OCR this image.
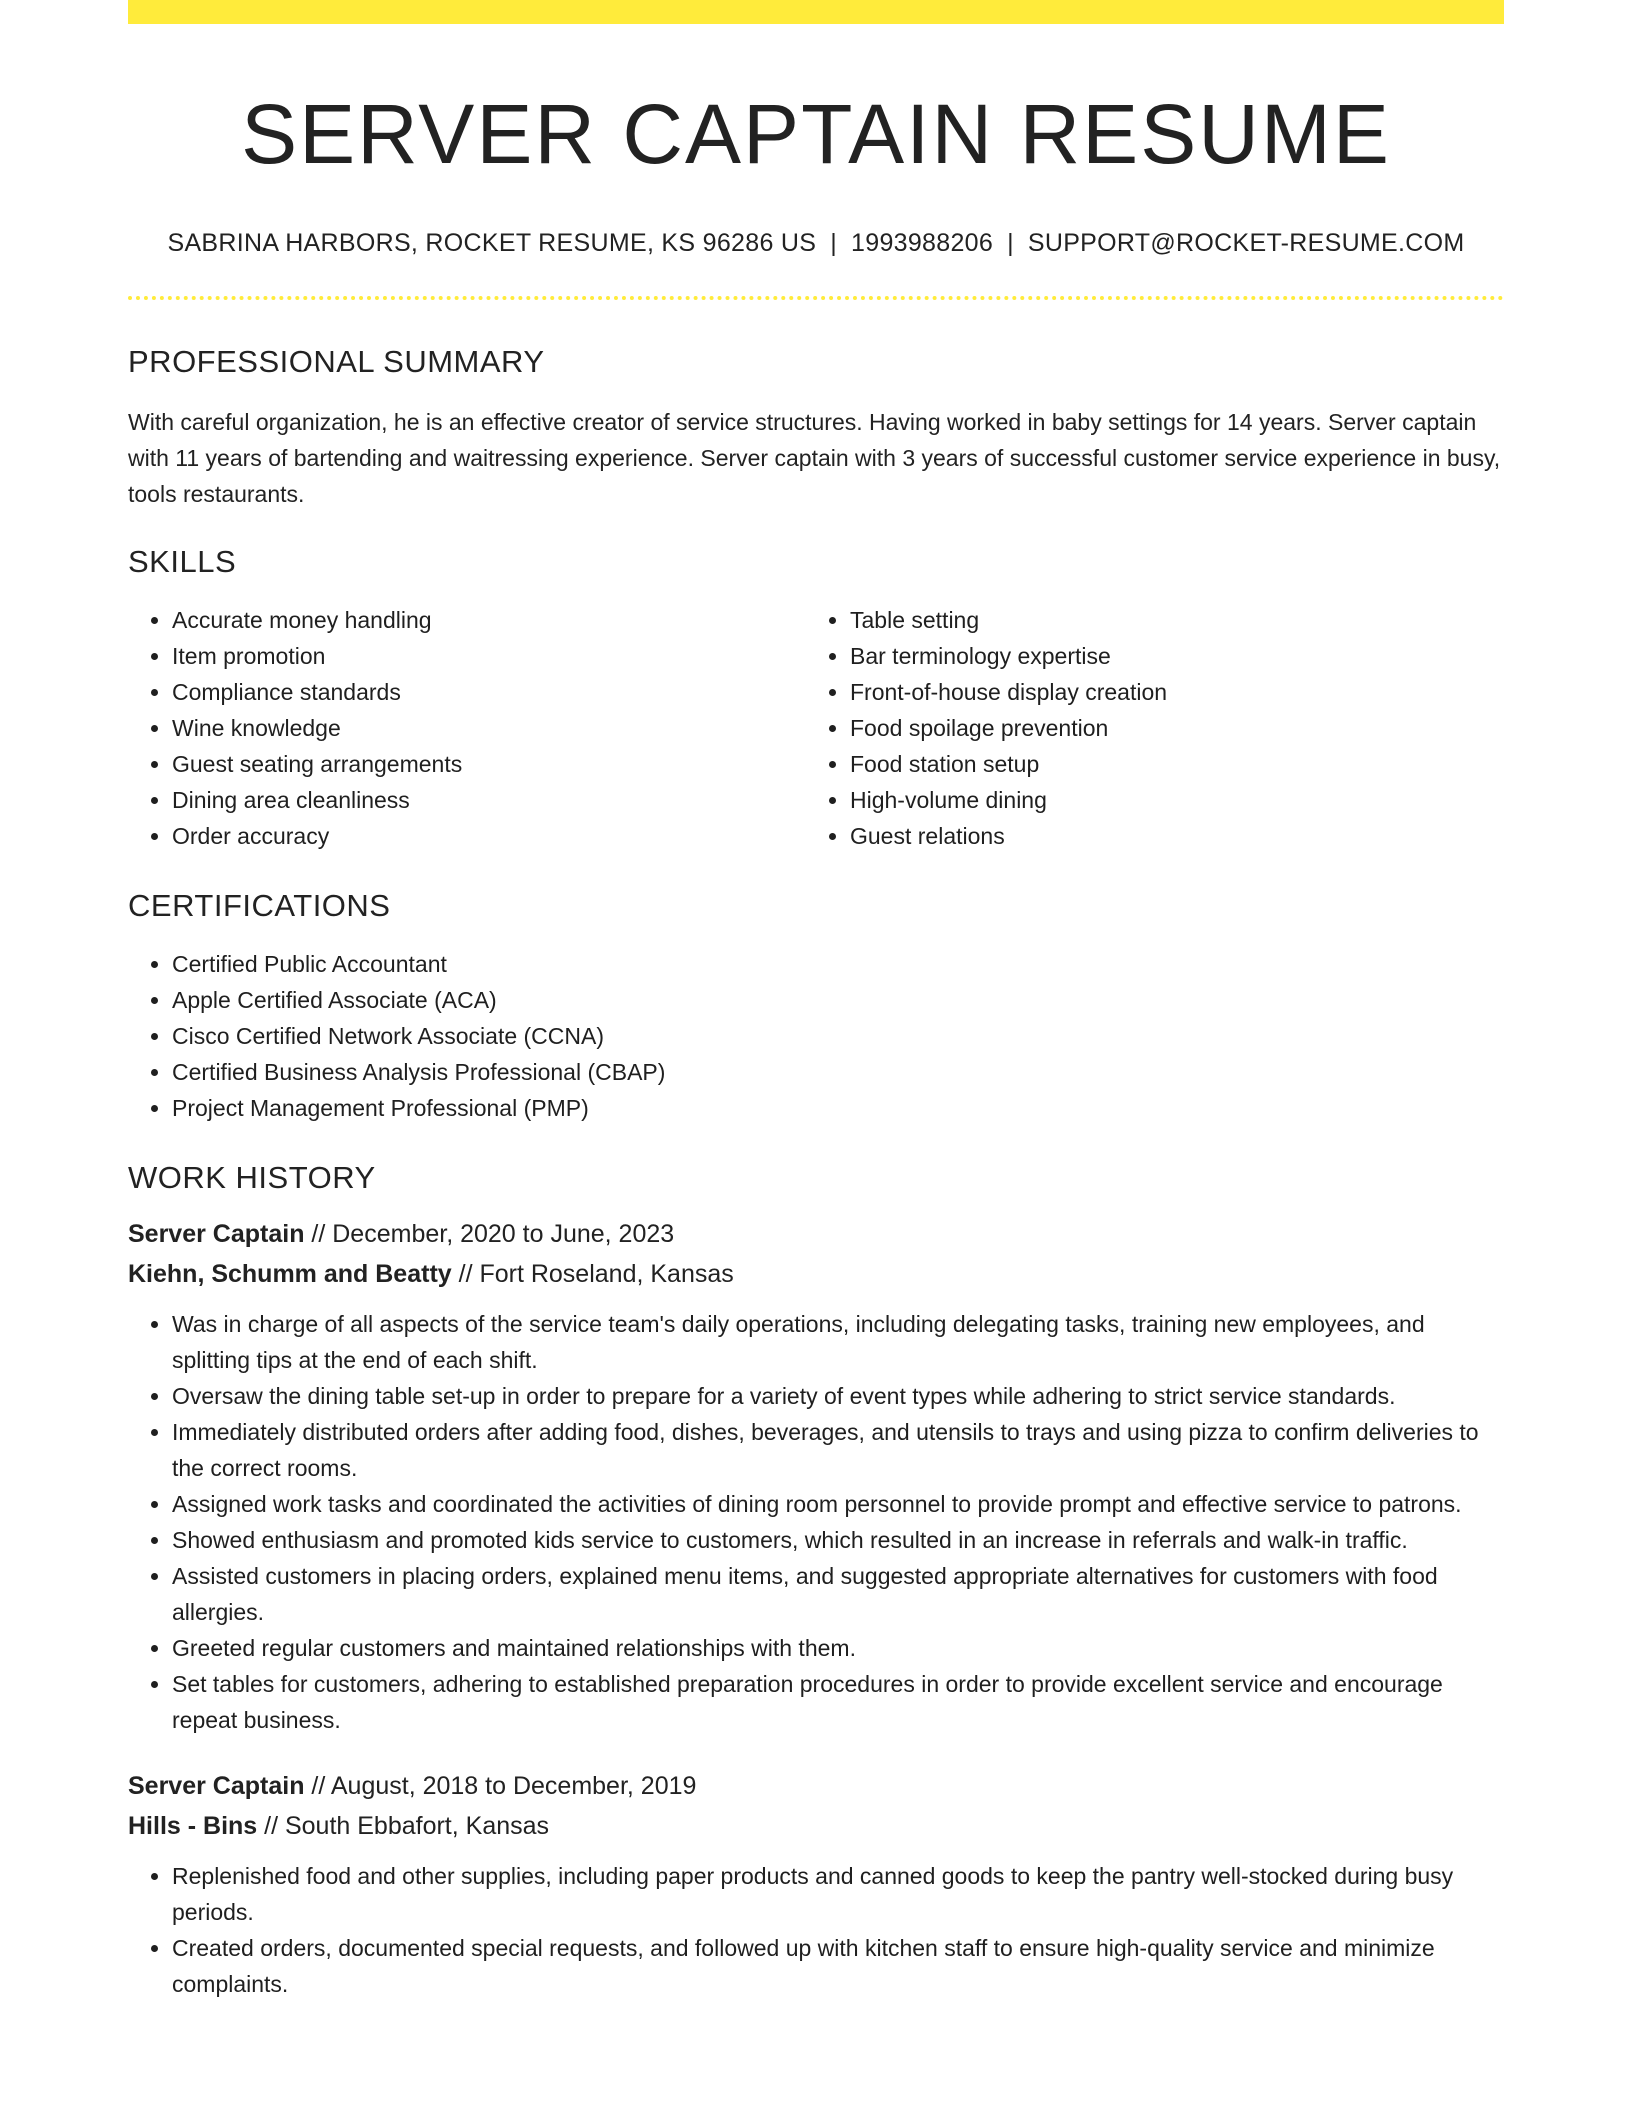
SERVER CAPTAIN RESUME
SABRINA HARBORS, ROCKET RESUME, KS 96286 US | 1993988206 | SUPPORT@ROCKET-RESUME.COM
PROFESSIONAL SUMMARY
With careful organization, he is an effective creator of service structures. Having worked in baby settings for 14 years. Server captain with 11 years of bartending and waitressing experience. Server captain with 3 years of successful customer service experience in busy, tools restaurants.
SKILLS
• Accurate money handling
• Item promotion
• Compliance standards
• Wine knowledge
• Guest seating arrangements
• Dining area cleanliness
• Order accuracy
• Table setting
• Bar terminology expertise
• Front-of-house display creation
• Food spoilage prevention
• Food station setup
• High-volume dining
• Guest relations
CERTIFICATIONS
• Certified Public Accountant
• Apple Certified Associate (ACA)
• Cisco Certified Network Associate (CCNA)
• Certified Business Analysis Professional (CBAP)
• Project Management Professional (PMP)
WORK HISTORY
Server Captain // December, 2020 to June, 2023
Kiehn, Schumm and Beatty // Fort Roseland, Kansas
• Was in charge of all aspects of the service team's daily operations, including delegating tasks, training new employees, and splitting tips at the end of each shift.
• Oversaw the dining table set-up in order to prepare for a variety of event types while adhering to strict service standards.
• Immediately distributed orders after adding food, dishes, beverages, and utensils to trays and using pizza to confirm deliveries to the correct rooms.
• Assigned work tasks and coordinated the activities of dining room personnel to provide prompt and effective service to patrons.
• Showed enthusiasm and promoted kids service to customers, which resulted in an increase in referrals and walk-in traffic.
• Assisted customers in placing orders, explained menu items, and suggested appropriate alternatives for customers with food allergies.
• Greeted regular customers and maintained relationships with them.
• Set tables for customers, adhering to established preparation procedures in order to provide excellent service and encourage repeat business.
Server Captain // August, 2018 to December, 2019
Hills - Bins // South Ebbafort, Kansas
• Replenished food and other supplies, including paper products and canned goods to keep the pantry well-stocked during busy periods.
• Created orders, documented special requests, and followed up with kitchen staff to ensure high-quality service and minimize complaints.
